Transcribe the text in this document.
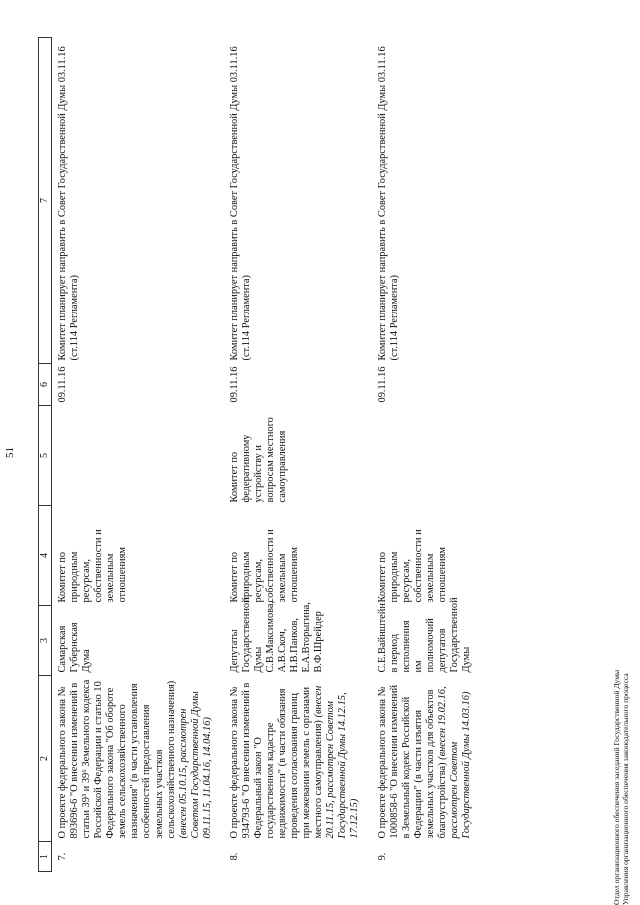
51
1	2	3	4	5	6	7
7.	О проекте федерального закона № 893696-6 "О внесении изменений в статьи 39³ и 39⁶ Земельного кодекса Российской Федерации и статью 10 Федерального закона "Об обороте земель сельскохозяйственного назначения" (в части установления особенностей предоставления земельных участков сельскохозяйственного назначения) (внесен 05.10.15, рассмотрен Советом Государственной Думы 09.11.15, 11.04.16, 14.04.16)	Самарская Губернская Дума	Комитет по природным ресурсам, собственности и земельным отношениям		09.11.16	Комитет планирует направить в Совет Государственной Думы 03.11.16 (ст.114 Регламента)
8.	О проекте федерального закона № 934793-6 "О внесении изменений в Федеральный закон "О государственном кадастре недвижимости" (в части обязания проведения согласования границ при межевании земель с органами местного самоуправления) (внесен 20.11.15, рассмотрен Советом Государственной Думы 14.12.15, 17.12.15)	Депутаты Государственной Думы С.В.Максимова, А.В.Скоч, Н.В.Панков, Е.А.Вторыгина, В.Ф.Шрейдер	Комитет по природным ресурсам, собственности и земельным отношениям	Комитет по федеративному устройству и вопросам местного самоуправления	09.11.16	Комитет планирует направить в Совет Государственной Думы 03.11.16 (ст.114 Регламента)
9.	О проекте федерального закона № 1000858-6 "О внесении изменений в Земельный кодекс Российской Федерации" (в части изъятия земельных участков для объектов благоустройства) (внесен 19.02.16, рассмотрен Советом Государственной Думы 14.03.16)	С.Е.Вайнштейн в период исполнения им полномочий депутатов Государственной Думы	Комитет по природным ресурсам, собственности и земельным отношениям		09.11.16	Комитет планирует направить в Совет Государственной Думы 03.11.16 (ст.114 Регламента)
Отдел организационного обеспечения заседаний Государственной Думы Управления организационного обеспечения законодательного процесса
